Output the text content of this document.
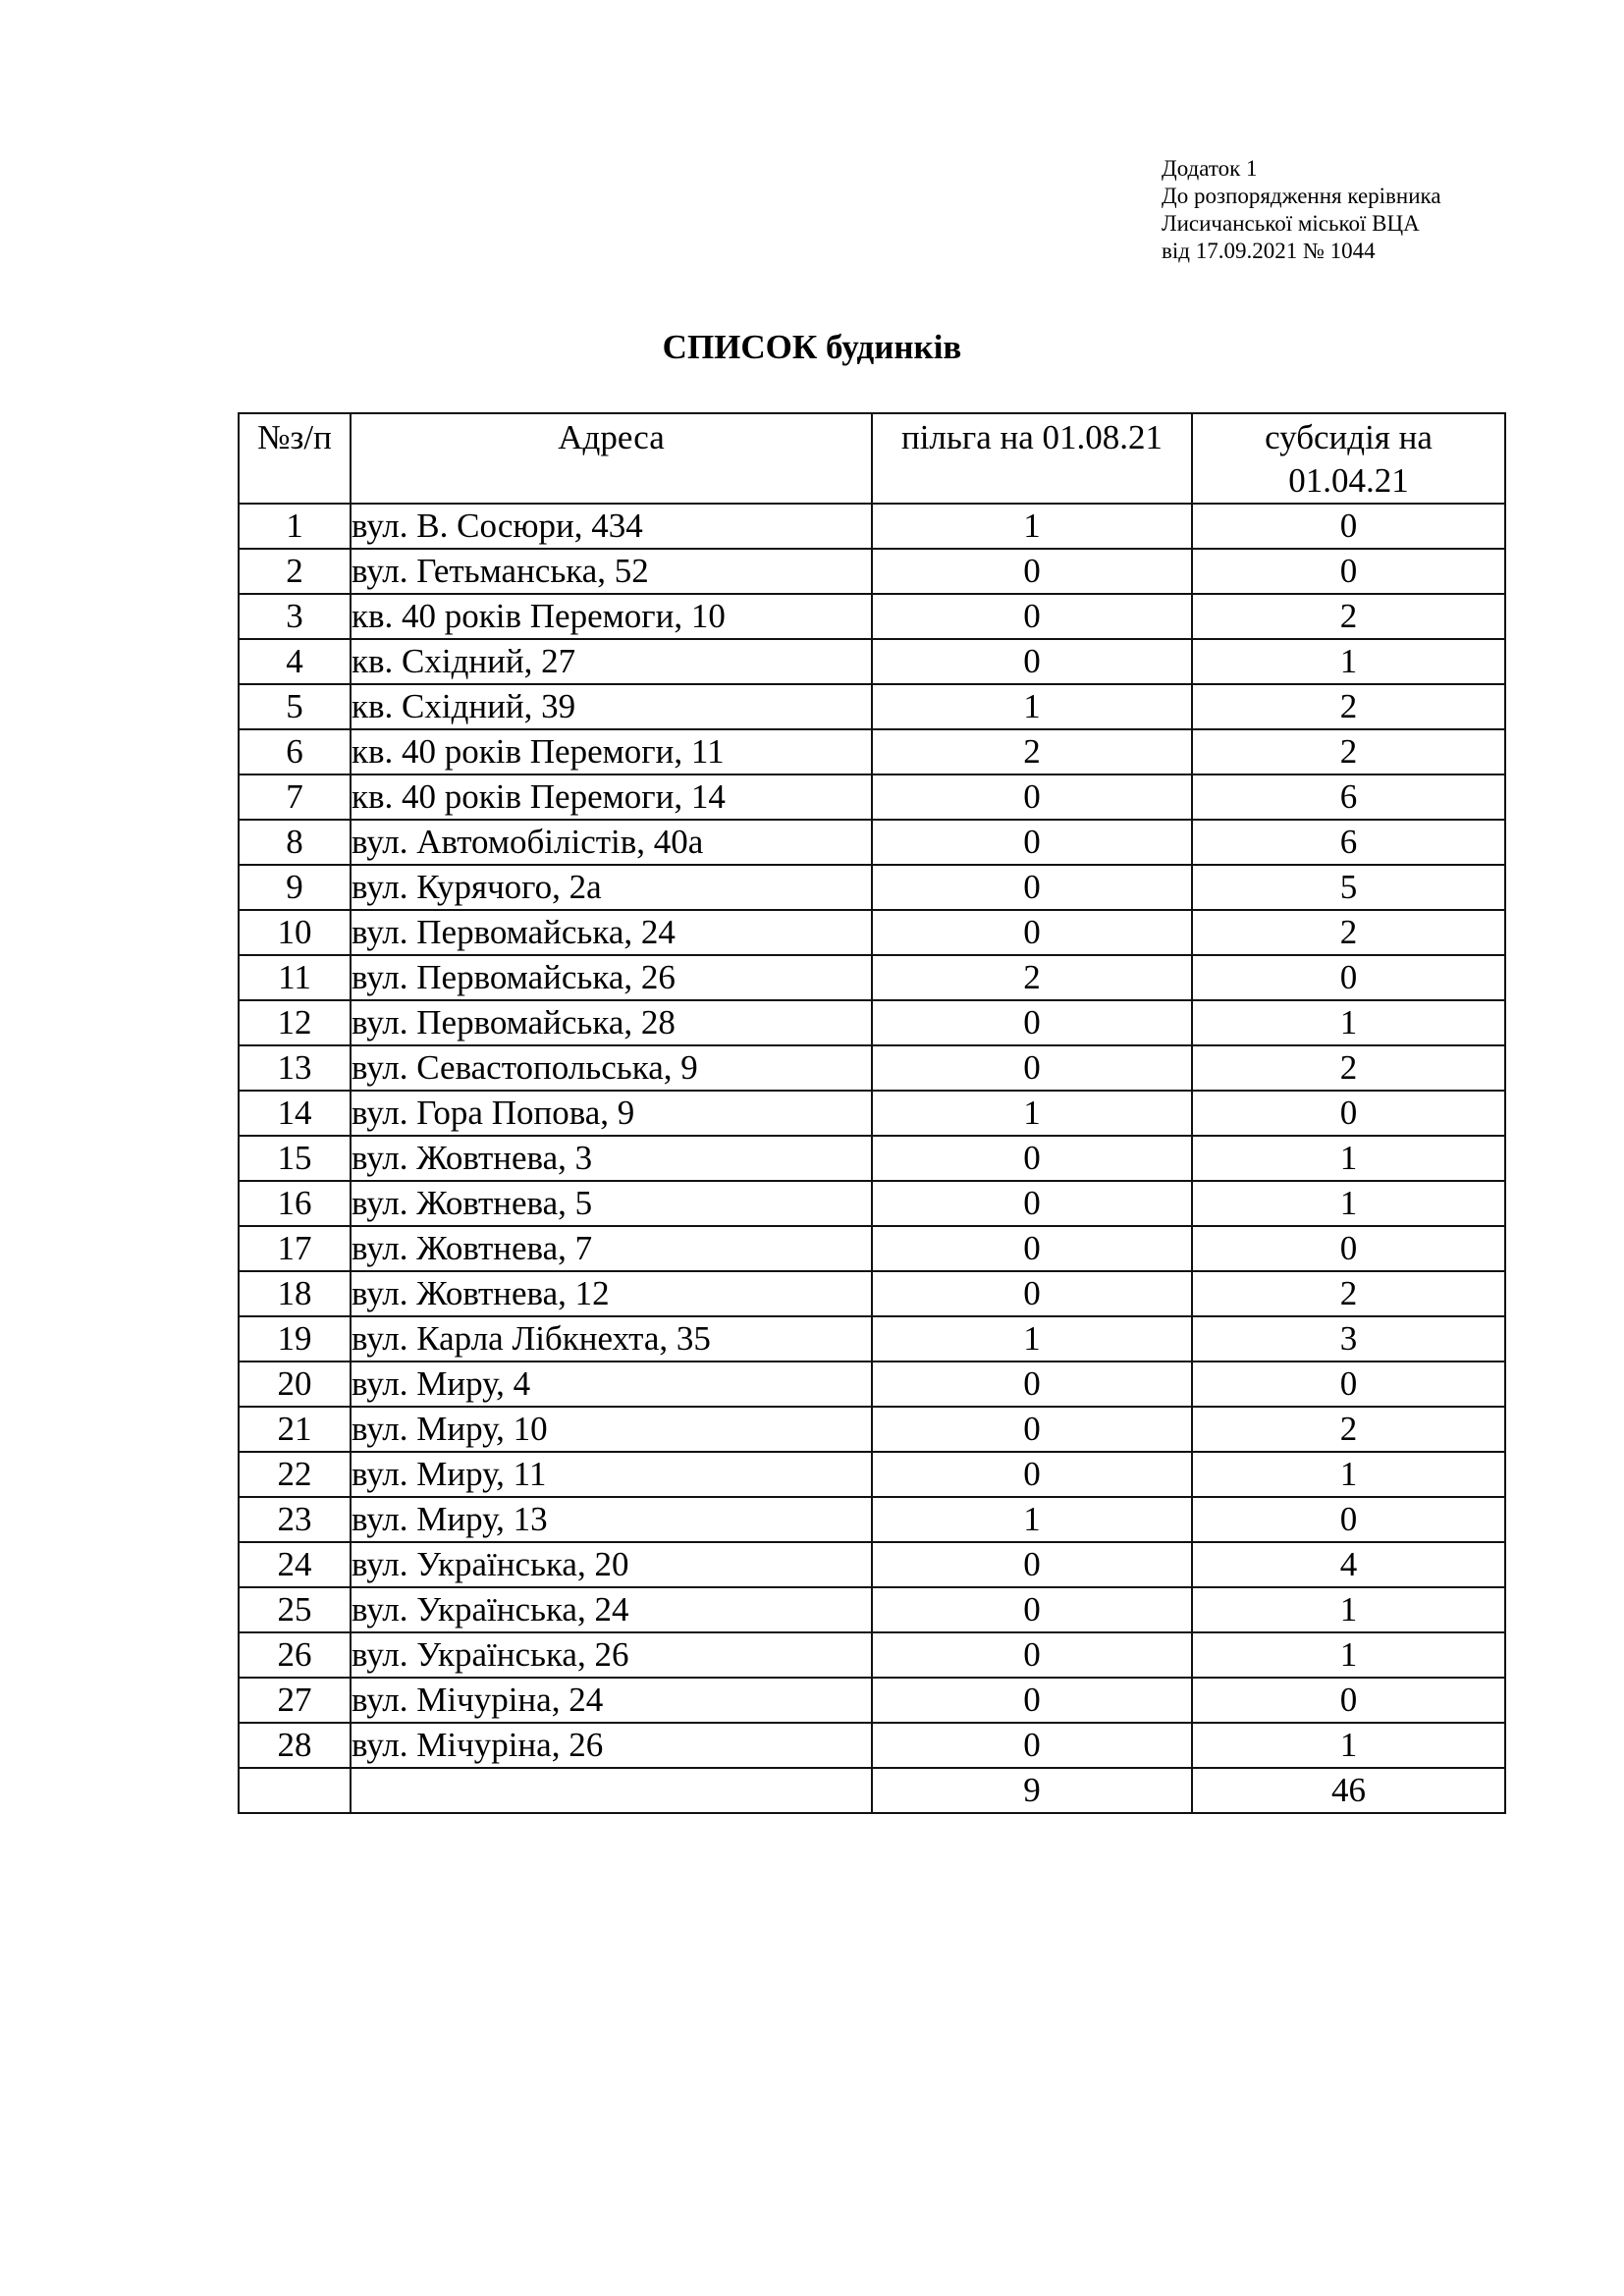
Додаток 1
До розпорядження керівника
Лисичанської міської ВЦА
від 17.09.2021 № 1044
СПИСОК будинків
№з/п	Адреса	пільга на 01.08.21	субсидія на
01.04.21

1	вул. В. Сосюри, 434	1	0
2	вул. Гетьманська, 52	0	0
3	кв. 40 років Перемоги, 10	0	2
4	кв. Східний, 27	0	1
5	кв. Східний, 39	1	2
6	кв. 40 років Перемоги, 11	2	2
7	кв. 40 років Перемоги, 14	0	6
8	вул. Автомобілістів, 40а	0	6
9	вул. Курячого, 2а	0	5
10	вул. Первомайська, 24	0	2
11	вул. Первомайська, 26	2	0
12	вул. Первомайська, 28	0	1
13	вул. Севастопольська, 9	0	2
14	вул. Гора Попова, 9	1	0
15	вул. Жовтнева, 3	0	1
16	вул. Жовтнева, 5	0	1
17	вул. Жовтнева, 7	0	0
18	вул. Жовтнева, 12	0	2
19	вул. Карла Лібкнехта, 35	1	3
20	вул. Миру, 4	0	0
21	вул. Миру, 10	0	2
22	вул. Миру, 11	0	1
23	вул. Миру, 13	1	0
24	вул. Українська, 20	0	4
25	вул. Українська, 24	0	1
26	вул. Українська, 26	0	1
27	вул. Мічуріна, 24	0	0
28	вул. Мічуріна, 26	0	1
		9	46
